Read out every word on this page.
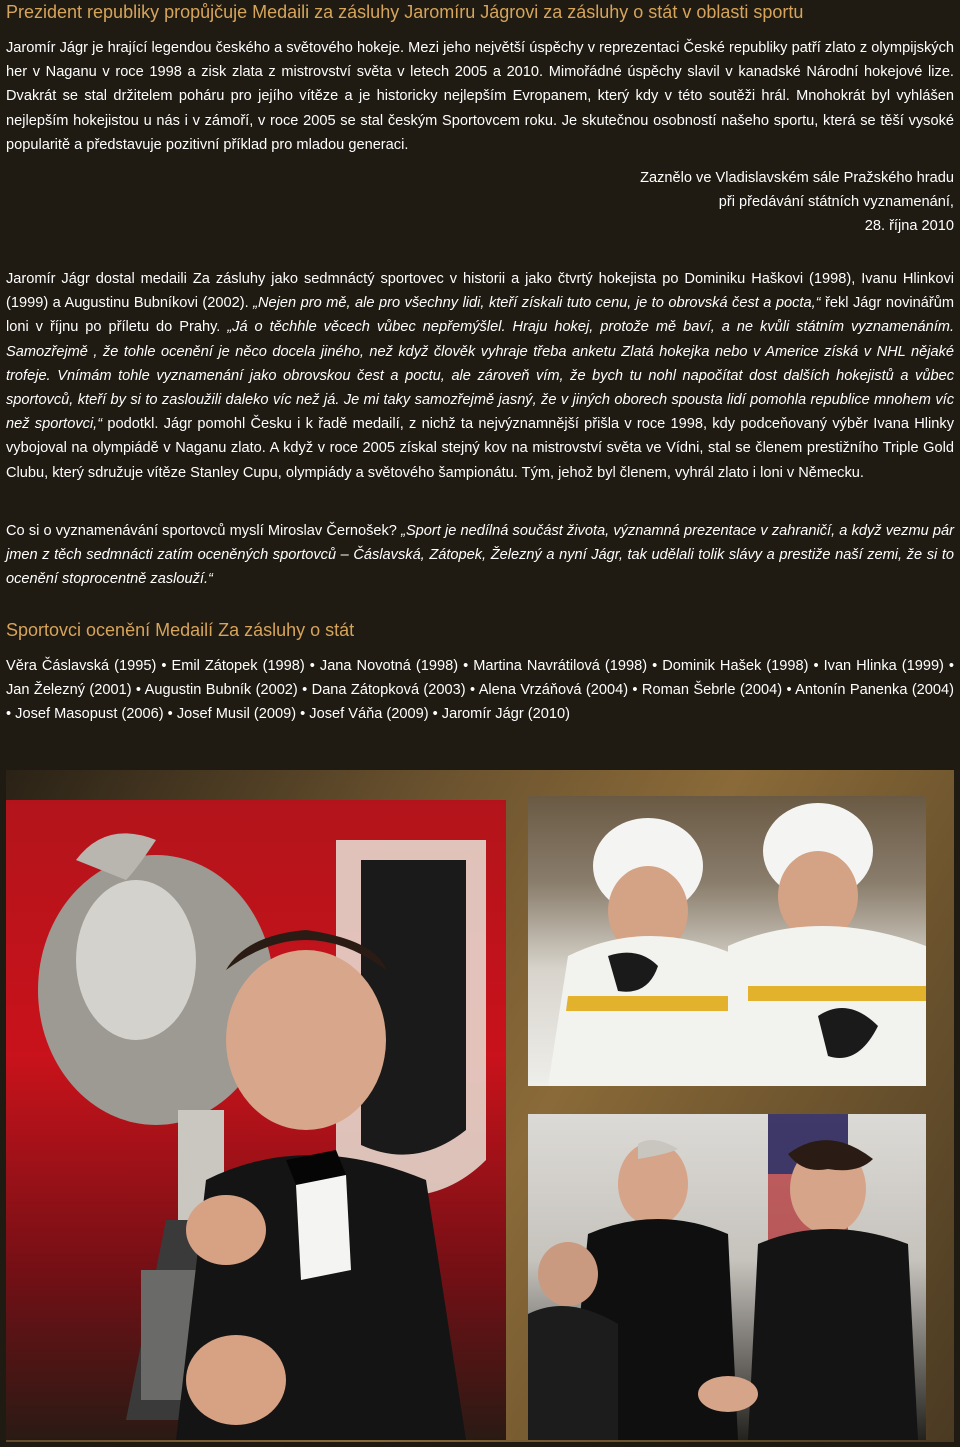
Prezident republiky propůjčuje Medaili za zásluhy Jaromíru Jágrovi za zásluhy o stát v oblasti sportu

Jaromír Jágr je hrající legendou českého a světového hokeje. Mezi jeho největší úspěchy v reprezentaci České republiky patří zlato z olympijských her v Naganu v roce 1998 a zisk zlata z mistrovství světa v letech 2005 a 2010. Mimořádné úspěchy slavil v kanadské Národní hokejové lize. Dvakrát se stal držitelem poháru pro jejího vítěze a je historicky nejlepším Evropanem, který kdy v této soutěži hrál. Mnohokrát byl vyhlášen nejlepším hokejistou u nás i v zámoří, v roce 2005 se stal českým Sportovcem roku. Je skutečnou osobností našeho sportu, která se těší vysoké popularitě a představuje pozitivní příklad pro mladou generaci.

Zaznělo ve Vladislavském sále Pražského hradu
při předávání státních vyznamenání,
28. října 2010

Jaromír Jágr dostal medaili Za zásluhy jako sedmnáctý sportovec v historii a jako čtvrtý hokejista po Dominiku Haškovi (1998), Ivanu Hlinkovi (1999) a Augustinu Bubníkovi (2002). „Nejen pro mě, ale pro všechny lidi, kteří získali tuto cenu, je to obrovská čest a pocta,“ řekl Jágr novinářům loni v říjnu po příletu do Prahy. „Já o těchhle věcech vůbec nepřemýšlel. Hraju hokej, protože mě baví, a ne kvůli státním vyznamenáním. Samozřejmě , že tohle ocenění je něco docela jiného, než když člověk vyhraje třeba anketu Zlatá hokejka nebo v Americe získá v NHL nějaké trofeje. Vnímám tohle vyznamenání jako obrovskou čest a poctu, ale zároveň vím, že bych tu nohl napočítat dost dalších hokejistů a vůbec sportovců, kteří by si to zasloužili daleko víc než já. Je mi taky samozřejmě jasný, že v jiných oborech spousta lidí pomohla republice mnohem víc než sportovci,“ podotkl. Jágr pomohl Česku i k řadě medailí, z nichž ta nejvýznamnější přišla v roce 1998, kdy podceňovaný výběr Ivana Hlinky vybojoval na olympiádě v Naganu zlato. A když v roce 2005 získal stejný kov na mistrovství světa ve Vídni, stal se členem prestižního Triple Gold Clubu, který sdružuje vítěze Stanley Cupu, olympiády a světového šampionátu. Tým, jehož byl členem, vyhrál zlato i loni v Německu.

Co si o vyznamenávání sportovců myslí Miroslav Černošek? „Sport je nedílná součást života, významná prezentace v zahraničí, a když vezmu pár jmen z těch sedmnácti zatím oceněných sportovců – Čáslavská, Zátopek, Železný a nyní Jágr, tak udělali tolik slávy a prestiže naší zemi, že si to ocenění stoprocentně zaslouží.“

Sportovci ocenění Medailí Za zásluhy o stát

Věra Čáslavská (1995) • Emil Zátopek (1998) • Jana Novotná (1998) • Martina Navrátilová (1998) • Dominik Hašek (1998) • Ivan Hlinka (1999) • Jan Železný (2001) • Augustin Bubník (2002) • Dana Zátopková (2003) • Alena Vrzáňová (2004) • Roman Šebrle (2004) • Antonín Panenka (2004) • Josef Masopust (2006) • Josef Musil (2009) • Josef Váňa (2009) • Jaromír Jágr (2010)
